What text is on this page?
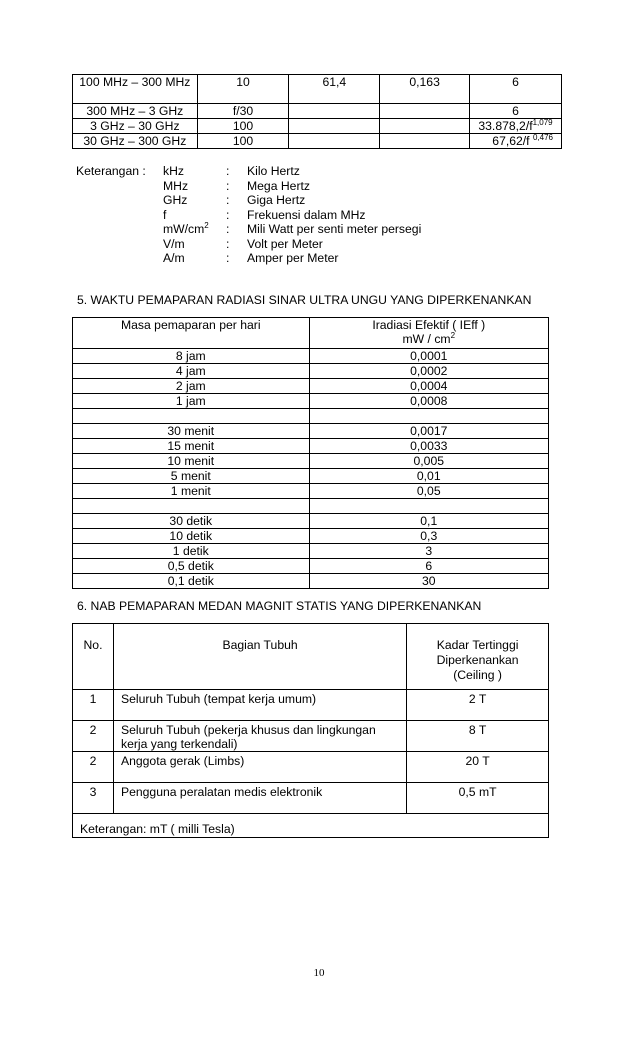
100 MHz – 300 MHz	10	61,4	0,163	6
300 MHz – 3 GHz	f/30			6
3 GHz – 30 GHz	100			$33.878,2/f^{1,079}$
30 GHz – 300 GHz	100			67,62/f $^{0,476}$
Keterangan : kHz	: Kilo Hertz
MHz	: Mega Hertz
GHz	: Giga Hertz
f	: Frekuensi dalam MHz
$mW/cm^2$ : Mili Watt per senti meter persegi
V/m	: Volt per Meter
A/m	: Amper per Meter
5. WAKTU PEMAPARAN RADIASI SINAR ULTRA UNGU YANG DIPERKENANKAN
Masa pemaparan per hari	Iradiasi Efektif ( IEff )
mW / $cm^2$

8 jam	0,0001
4 jam	0,0002
2 jam	0,0004
1 jam	0,0008

30 menit	0,0017
15 menit	0,0033
10 menit	0,005
5 menit	0,01
1 menit	0,05

30 detik	0,1
10 detik	0,3
1 detik	3
0,5 detik	6
0,1 detik	30
6. NAB PEMAPARAN MEDAN MAGNIT STATIS YANG DIPERKENANKAN
No.	Bagian Tubuh	Kadar Tertinggi
Diperkenankan
(Ceiling )

1	Seluruh Tubuh (tempat kerja umum)	2 T
2	Seluruh Tubuh (pekerja khusus dan lingkungan
kerja yang terkendali)	8 T
2	Anggota gerak (Limbs)	20 T
3	Pengguna peralatan medis elektronik	0,5 mT
Keterangan: mT ( milli Tesla)		
10
